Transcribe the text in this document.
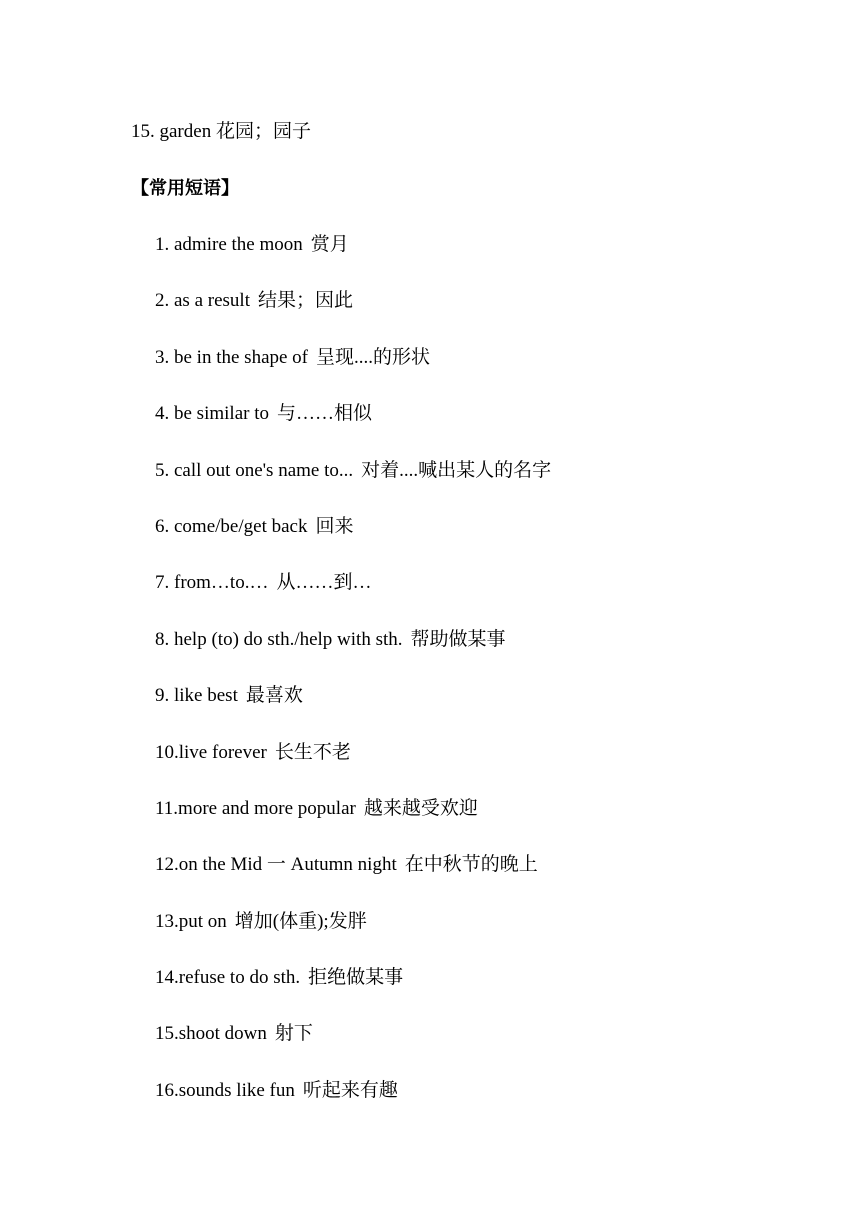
15. garden 花园；园子
【常用短语】
1. admire the moon 赏月
2. as a result 结果；因此
3. be in the shape of 呈现....的形状
4. be similar to 与……相似
5. call out one's name to... 对着....喊出某人的名字
6. come/be/get back 回来
7. from…to.… 从……到…
8. help (to) do sth./help with sth. 帮助做某事
9. like best 最喜欢
10.live forever 长生不老
11.more and more popular 越来越受欢迎
12.on the Mid 一 Autumn night 在中秋节的晚上
13.put on 增加(体重);发胖
14.refuse to do sth. 拒绝做某事
15.shoot down 射下
16.sounds like fun 听起来有趣
